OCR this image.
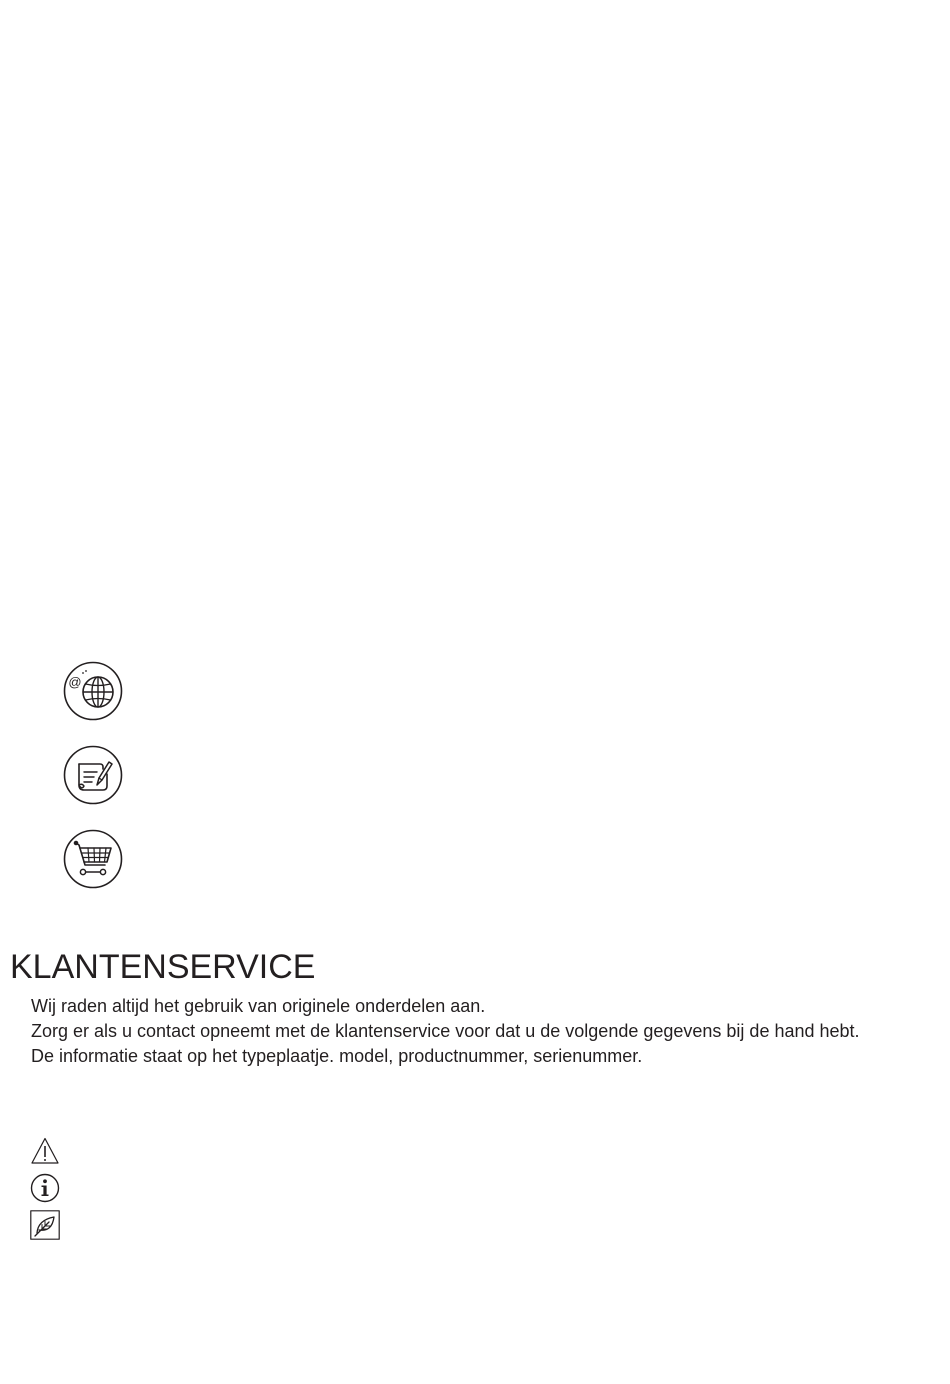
@
KLANTENSERVICE

Wij raden altijd het gebruik van originele onderdelen aan.

Zorg er als u contact opneemt met de klantenservice voor dat u de volgende gegevens bij de hand hebt.

De informatie staat op het typeplaatje. model, productnummer, serienummer.
